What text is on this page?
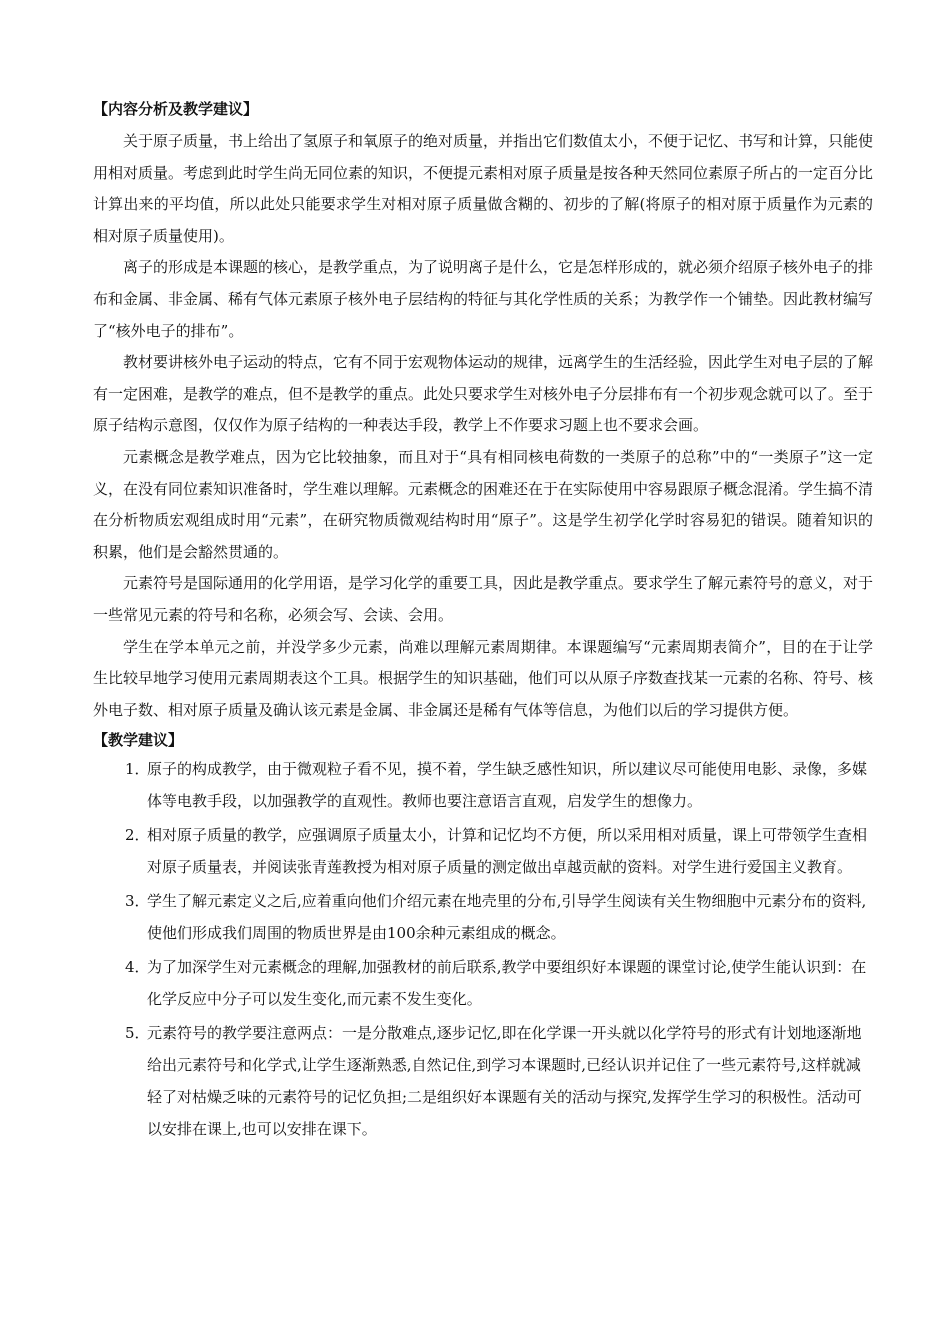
【内容分析及教学建议】

关于原子质量，书上给出了氢原子和氧原子的绝对质量，并指出它们数值太小，不便于记忆、书写和计算，只能使用相对质量。考虑到此时学生尚无同位素的知识，不便提元素相对原子质量是按各种天然同位素原子所占的一定百分比计算出来的平均值，所以此处只能要求学生对相对原子质量做含糊的、初步的了解(将原子的相对原于质量作为元素的相对原子质量使用)。

离子的形成是本课题的核心，是教学重点，为了说明离子是什么，它是怎样形成的，就必须介绍原子核外电子的排布和金属、非金属、稀有气体元素原子核外电子层结构的特征与其化学性质的关系；为教学作一个铺垫。因此教材编写了“核外电子的排布”。

教材要讲核外电子运动的特点，它有不同于宏观物体运动的规律，远离学生的生活经验，因此学生对电子层的了解有一定困难，是教学的难点，但不是教学的重点。此处只要求学生对核外电子分层排布有一个初步观念就可以了。至于原子结构示意图，仅仅作为原子结构的一种表达手段，教学上不作要求习题上也不要求会画。

元素概念是教学难点，因为它比较抽象，而且对于“具有相同核电荷数的一类原子的总称”中的“一类原子”这一定义，在没有同位素知识准备时，学生难以理解。元素概念的困难还在于在实际使用中容易跟原子概念混淆。学生搞不清在分析物质宏观组成时用“元素”，在研究物质微观结构时用“原子”。这是学生初学化学时容易犯的错误。随着知识的积累，他们是会豁然贯通的。

元素符号是国际通用的化学用语，是学习化学的重要工具，因此是教学重点。要求学生了解元素符号的意义，对于一些常见元素的符号和名称，必须会写、会读、会用。

学生在学本单元之前，并没学多少元素，尚难以理解元素周期律。本课题编写“元素周期表简介”，目的在于让学生比较早地学习使用元素周期表这个工具。根据学生的知识基础，他们可以从原子序数查找某一元素的名称、符号、核外电子数、相对原子质量及确认该元素是金属、非金属还是稀有气体等信息，为他们以后的学习提供方便。

【教学建议】
1．
原子的构成教学，由于微观粒子看不见，摸不着，学生缺乏感性知识，所以建议尽可能使用电影、录像，多媒体等电教手段，以加强教学的直观性。教师也要注意语言直观，启发学生的想像力。
2．
相对原子质量的教学，应强调原子质量太小，计算和记忆均不方便，所以采用相对质量，课上可带领学生查相对原子质量表，并阅读张青莲教授为相对原子质量的测定做出卓越贡献的资料。对学生进行爱国主义教育。
3．
学生了解元素定义之后,应着重向他们介绍元素在地壳里的分布,引导学生阅读有关生物细胞中元素分布的资料,使他们形成我们周围的物质世界是由100余种元素组成的概念。
4．
为了加深学生对元素概念的理解,加强教材的前后联系,教学中要组织好本课题的课堂讨论,使学生能认识到：在化学反应中分子可以发生变化,而元素不发生变化。
5．
元素符号的教学要注意两点：一是分散难点,逐步记忆,即在化学课一开头就以化学符号的形式有计划地逐渐地给出元素符号和化学式,让学生逐渐熟悉,自然记住,到学习本课题时,已经认识并记住了一些元素符号,这样就减轻了对枯燥乏味的元素符号的记忆负担;二是组织好本课题有关的活动与探究,发挥学生学习的积极性。活动可以安排在课上,也可以安排在课下。
